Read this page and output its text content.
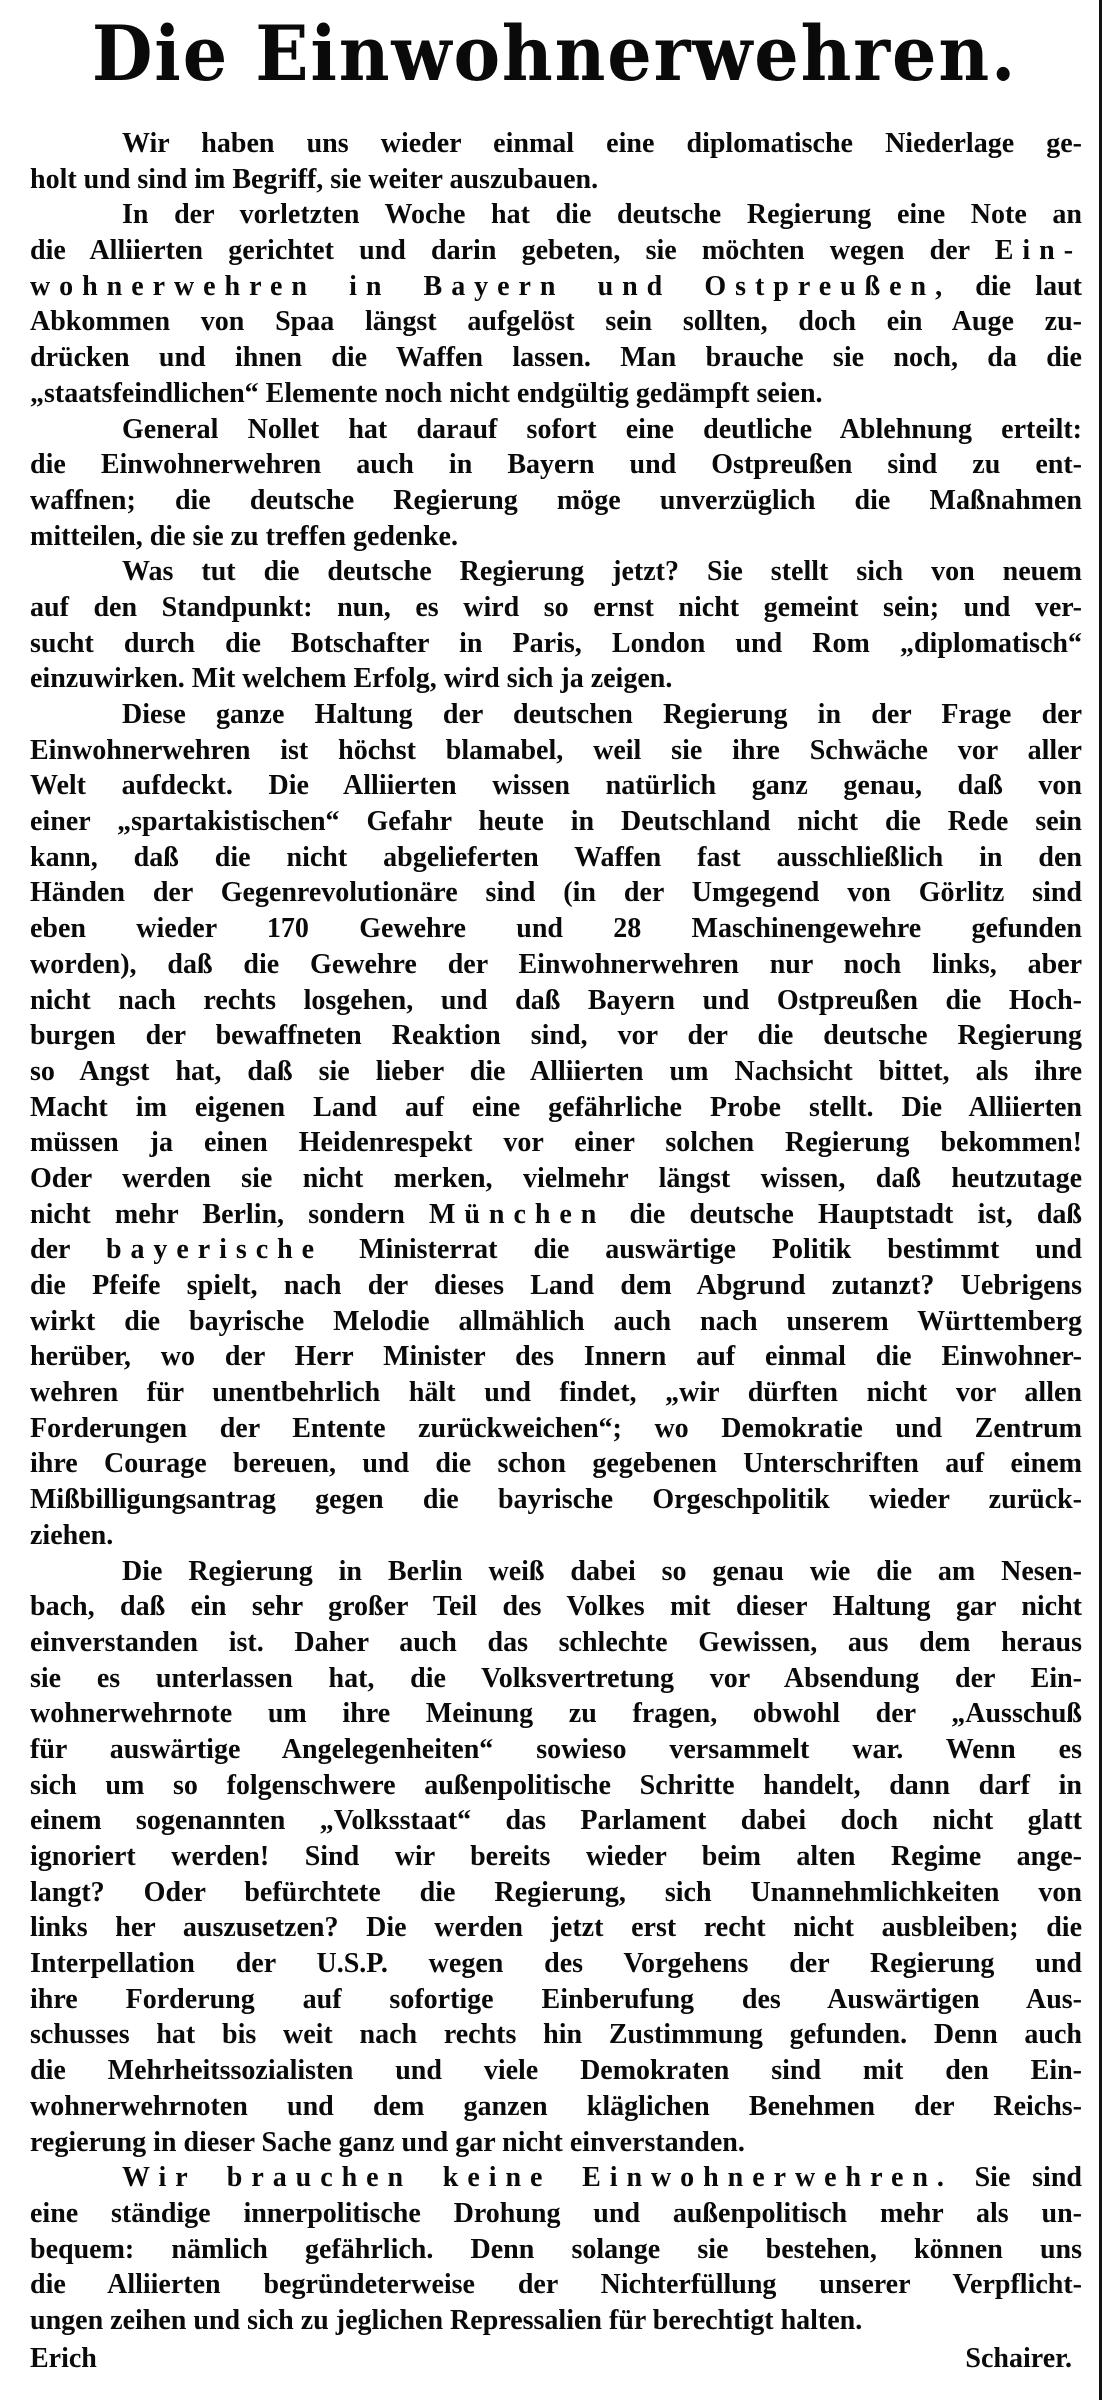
Die Einwohnerwehren.
Wir haben uns wieder einmal eine diplomatische Niederlage ge-
holt und sind im Begriff, sie weiter auszubauen.
In der vorletzten Woche hat die deutsche Regierung eine Note an
die Alliierten gerichtet und darin gebeten, sie möchten wegen der Ein-
wohnerwehren in Bayern und Ostpreußen, die laut
Abkommen von Spaa längst aufgelöst sein sollten, doch ein Auge zu-
drücken und ihnen die Waffen lassen. Man brauche sie noch, da die
„staatsfeindlichen“ Elemente noch nicht endgültig gedämpft seien.
General Nollet hat darauf sofort eine deutliche Ablehnung erteilt:
die Einwohnerwehren auch in Bayern und Ostpreußen sind zu ent-
waffnen; die deutsche Regierung möge unverzüglich die Maßnahmen
mitteilen, die sie zu treffen gedenke.
Was tut die deutsche Regierung jetzt? Sie stellt sich von neuem
auf den Standpunkt: nun, es wird so ernst nicht gemeint sein; und ver-
sucht durch die Botschafter in Paris, London und Rom „diplomatisch“
einzuwirken. Mit welchem Erfolg, wird sich ja zeigen.
Diese ganze Haltung der deutschen Regierung in der Frage der
Einwohnerwehren ist höchst blamabel, weil sie ihre Schwäche vor aller
Welt aufdeckt. Die Alliierten wissen natürlich ganz genau, daß von
einer „spartakistischen“ Gefahr heute in Deutschland nicht die Rede sein
kann, daß die nicht abgelieferten Waffen fast ausschließlich in den
Händen der Gegenrevolutionäre sind (in der Umgegend von Görlitz sind
eben wieder 170 Gewehre und 28 Maschinengewehre gefunden
worden), daß die Gewehre der Einwohnerwehren nur noch links, aber
nicht nach rechts losgehen, und daß Bayern und Ostpreußen die Hoch-
burgen der bewaffneten Reaktion sind, vor der die deutsche Regierung
so Angst hat, daß sie lieber die Alliierten um Nachsicht bittet, als ihre
Macht im eigenen Land auf eine gefährliche Probe stellt. Die Alliierten
müssen ja einen Heidenrespekt vor einer solchen Regierung bekommen!
Oder werden sie nicht merken, vielmehr längst wissen, daß heutzutage
nicht mehr Berlin, sondern München die deutsche Hauptstadt ist, daß
der bayerische Ministerrat die auswärtige Politik bestimmt und
die Pfeife spielt, nach der dieses Land dem Abgrund zutanzt? Uebrigens
wirkt die bayrische Melodie allmählich auch nach unserem Württemberg
herüber, wo der Herr Minister des Innern auf einmal die Einwohner-
wehren für unentbehrlich hält und findet, „wir dürften nicht vor allen
Forderungen der Entente zurückweichen“; wo Demokratie und Zentrum
ihre Courage bereuen, und die schon gegebenen Unterschriften auf einem
Mißbilligungsantrag gegen die bayrische Orgeschpolitik wieder zurück-
ziehen.
Die Regierung in Berlin weiß dabei so genau wie die am Nesen-
bach, daß ein sehr großer Teil des Volkes mit dieser Haltung gar nicht
einverstanden ist. Daher auch das schlechte Gewissen, aus dem heraus
sie es unterlassen hat, die Volksvertretung vor Absendung der Ein-
wohnerwehrnote um ihre Meinung zu fragen, obwohl der „Ausschuß
für auswärtige Angelegenheiten“ sowieso versammelt war. Wenn es
sich um so folgenschwere außenpolitische Schritte handelt, dann darf in
einem sogenannten „Volksstaat“ das Parlament dabei doch nicht glatt
ignoriert werden! Sind wir bereits wieder beim alten Regime ange-
langt? Oder befürchtete die Regierung, sich Unannehmlichkeiten von
links her auszusetzen? Die werden jetzt erst recht nicht ausbleiben; die
Interpellation der U.S.P. wegen des Vorgehens der Regierung und
ihre Forderung auf sofortige Einberufung des Auswärtigen Aus-
schusses hat bis weit nach rechts hin Zustimmung gefunden. Denn auch
die Mehrheitssozialisten und viele Demokraten sind mit den Ein-
wohnerwehrnoten und dem ganzen kläglichen Benehmen der Reichs-
regierung in dieser Sache ganz und gar nicht einverstanden.
Wir brauchen keine Einwohnerwehren. Sie sind
eine ständige innerpolitische Drohung und außenpolitisch mehr als un-
bequem: nämlich gefährlich. Denn solange sie bestehen, können uns
die Alliierten begründeterweise der Nichterfüllung unserer Verpflicht-
ungen zeihen und sich zu jeglichen Repressalien für berechtigt halten.
Erich Schairer.
